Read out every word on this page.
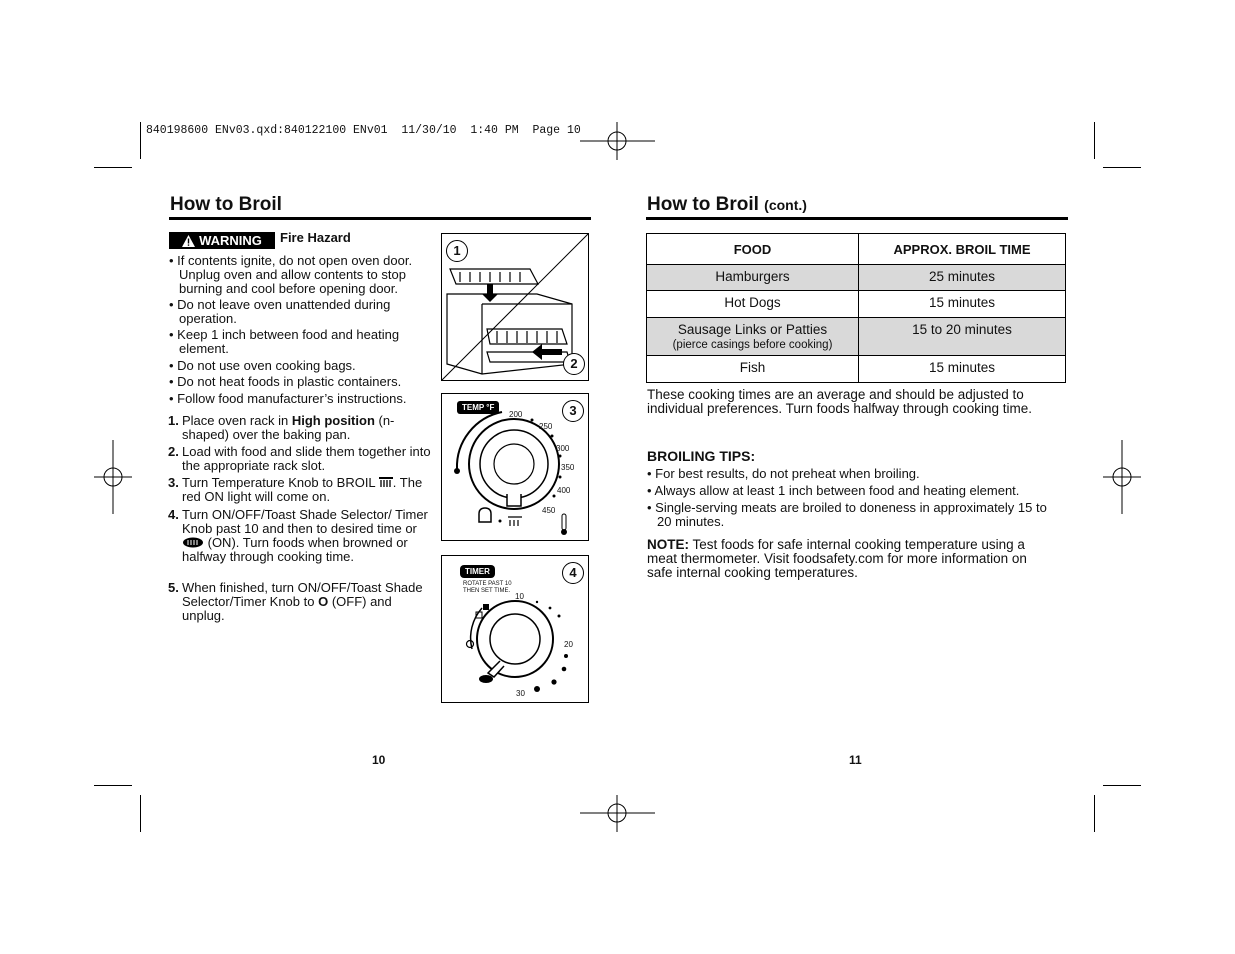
840198600 ENv03.qxd:840122100 ENv01  11/30/10  1:40 PM  Page 10
How to Broil
WARNING Fire Hazard
• If contents ignite, do not open oven door. Unplug oven and allow contents to stop burning and cool before opening door.
• Do not leave oven unattended during operation.
• Keep 1 inch between food and heating element.
• Do not use oven cooking bags.
• Do not heat foods in plastic containers.
• Follow food manufacturer’s instructions.
1. Place oven rack in High position (n-shaped) over the baking pan.
2. Load with food and slide them together into the appropriate rack slot.
3. Turn Temperature Knob to BROIL . The red ON light will come on.
4. Turn ON/OFF/Toast Shade Selector/ Timer Knob past 10 and then to desired time or  (ON). Turn foods when browned or halfway through cooking time.
5. When finished, turn ON/OFF/Toast Shade Selector/Timer Knob to O (OFF) and unplug.
1
2
TEMP °F
200
250
300
350
400
450
3
TIMER
ROTATE PAST 10
THEN SET TIME.
10
20
30
4
10
How to Broil (cont.)
FOOD	APPROX. BROIL TIME
Hamburgers	25 minutes
Hot Dogs	15 minutes
Sausage Links or Patties
(pierce casings before cooking)	15 to 20 minutes
Fish	15 minutes
These cooking times are an average and should be adjusted to individual preferences. Turn foods halfway through cooking time.
BROILING TIPS:
• For best results, do not preheat when broiling.
• Always allow at least 1 inch between food and heating element.
• Single-serving meats are broiled to doneness in approximately 15 to 20 minutes.
NOTE: Test foods for safe internal cooking temperature using a meat thermometer. Visit foodsafety.com for more information on safe internal cooking temperatures.
11
